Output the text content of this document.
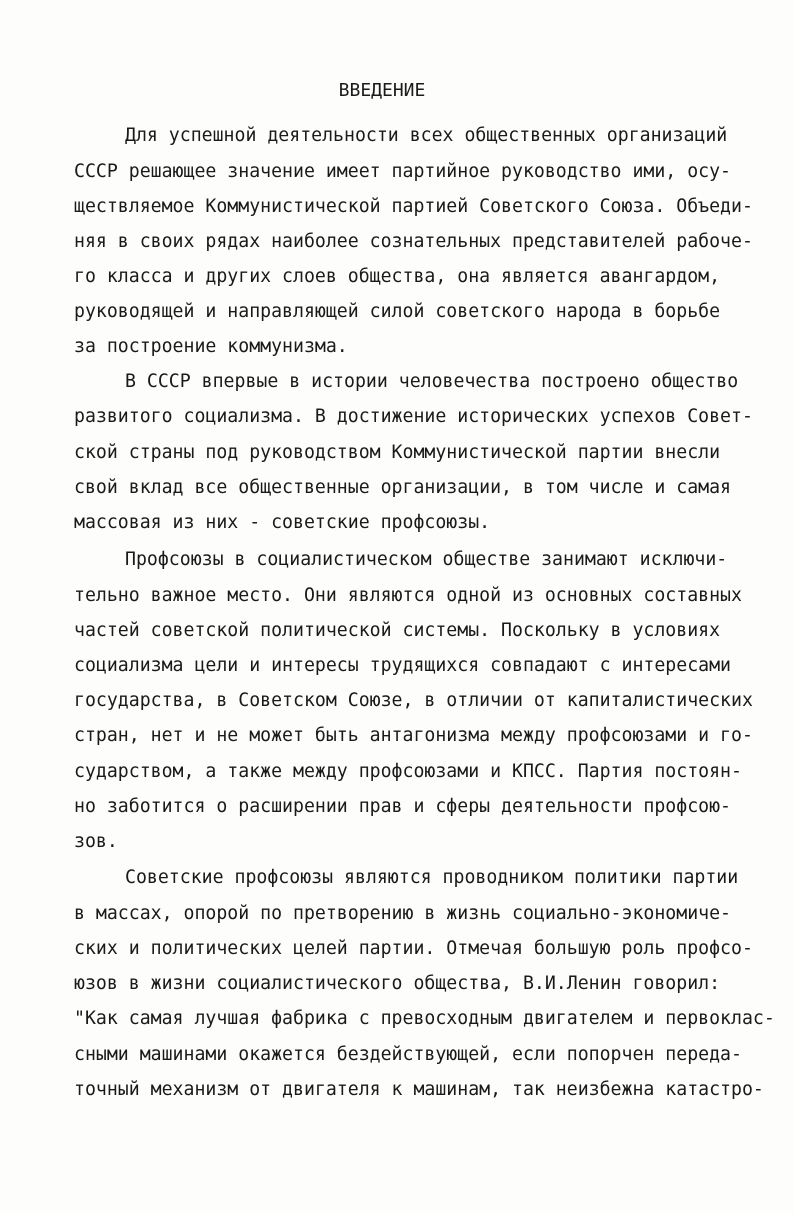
ВВЕДЕНИЕ
Для успешной деятельности всех общественных организаций
СССР решающее значение имеет партийное руководство ими, осу-
ществляемое Коммунистической партией Советского Союза. Объеди-
няя в своих рядах наиболее сознательных представителей рабоче-
го класса и других слоев общества, она является авангардом,
руководящей и направляющей силой советского народа в борьбе
за построение коммунизма.
В СССР впервые в истории человечества построено общество
развитого социализма. В достижение исторических успехов Совет-
ской страны под руководством Коммунистической партии внесли
свой вклад все общественные организации, в том числе и самая
массовая из них - советские профсоюзы.
Профсоюзы в социалистическом обществе занимают исключи-
тельно важное место. Они являются одной из основных составных
частей советской политической системы. Поскольку в условиях
социализма цели и интересы трудящихся совпадают с интересами
государства, в Советском Союзе, в отличии от капиталистических
стран, нет и не может быть антагонизма между профсоюзами и го-
сударством, а также между профсоюзами и КПСС. Партия постоян-
но заботится о расширении прав и сферы деятельности профсою-
зов.
Советские профсоюзы являются проводником политики партии
в массах, опорой по претворению в жизнь социально-экономиче-
ских и политических целей партии. Отмечая большую роль профсо-
юзов в жизни социалистического общества, В.И.Ленин говорил:
"Как самая лучшая фабрика с превосходным двигателем и первоклас-
сными машинами окажется бездействующей, если попорчен переда-
точный механизм от двигателя к машинам, так неизбежна катастро-
